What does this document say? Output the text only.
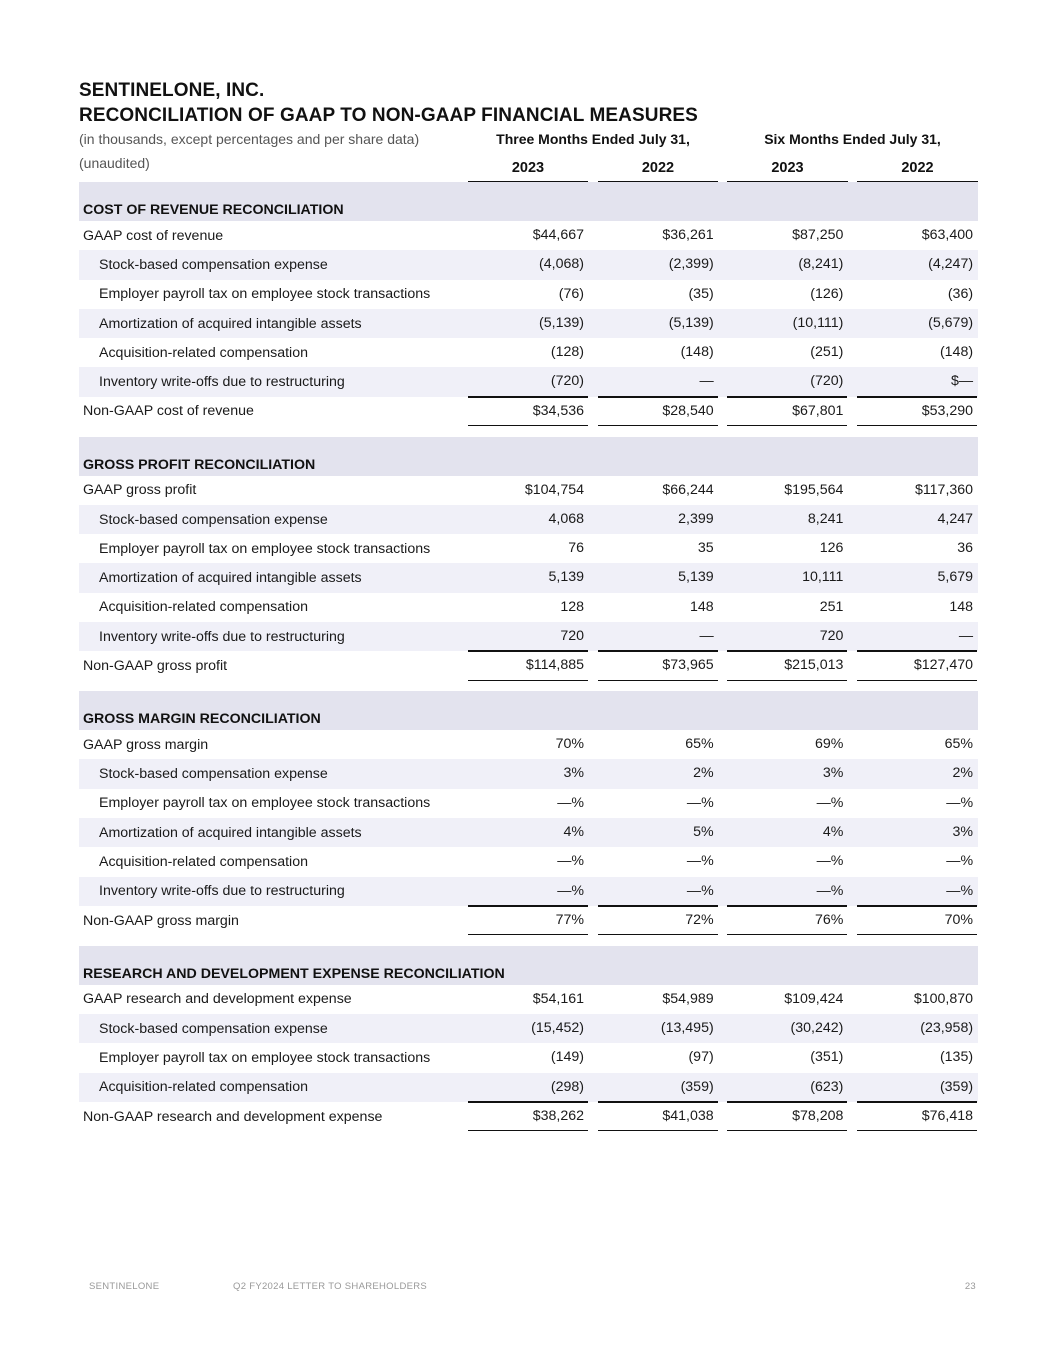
SENTINELONE, INC.
RECONCILIATION OF GAAP TO NON-GAAP FINANCIAL MEASURES
(in thousands, except percentages and per share data)
(unaudited)
Three Months Ended July 31,	Six Months Ended July 31,
2023	2022	2023	2022
COST OF REVENUE RECONCILIATION
GAAP cost of revenue	$44,667	$36,261	$87,250	$63,400
Stock-based compensation expense	(4,068)	(2,399)	(8,241)	(4,247)
Employer payroll tax on employee stock transactions	(76)	(35)	(126)	(36)
Amortization of acquired intangible assets	(5,139)	(5,139)	(10,111)	(5,679)
Acquisition-related compensation	(128)	(148)	(251)	(148)
Inventory write-offs due to restructuring	(720)	—	(720)	$—
Non-GAAP cost of revenue	$34,536	$28,540	$67,801	$53,290
GROSS PROFIT RECONCILIATION
GAAP gross profit	$104,754	$66,244	$195,564	$117,360
Stock-based compensation expense	4,068	2,399	8,241	4,247
Employer payroll tax on employee stock transactions	76	35	126	36
Amortization of acquired intangible assets	5,139	5,139	10,111	5,679
Acquisition-related compensation	128	148	251	148
Inventory write-offs due to restructuring	720	—	720	—
Non-GAAP gross profit	$114,885	$73,965	$215,013	$127,470
GROSS MARGIN RECONCILIATION
GAAP gross margin	70%	65%	69%	65%
Stock-based compensation expense	3%	2%	3%	2%
Employer payroll tax on employee stock transactions	—%	—%	—%	—%
Amortization of acquired intangible assets	4%	5%	4%	3%
Acquisition-related compensation	—%	—%	—%	—%
Inventory write-offs due to restructuring	—%	—%	—%	—%
Non-GAAP gross margin	77%	72%	76%	70%
RESEARCH AND DEVELOPMENT EXPENSE RECONCILIATION
GAAP research and development expense	$54,161	$54,989	$109,424	$100,870
Stock-based compensation expense	(15,452)	(13,495)	(30,242)	(23,958)
Employer payroll tax on employee stock transactions	(149)	(97)	(351)	(135)
Acquisition-related compensation	(298)	(359)	(623)	(359)
Non-GAAP research and development expense	$38,262	$41,038	$78,208	$76,418
SENTINELONE	Q2 FY2024 LETTER TO SHAREHOLDERS	23
